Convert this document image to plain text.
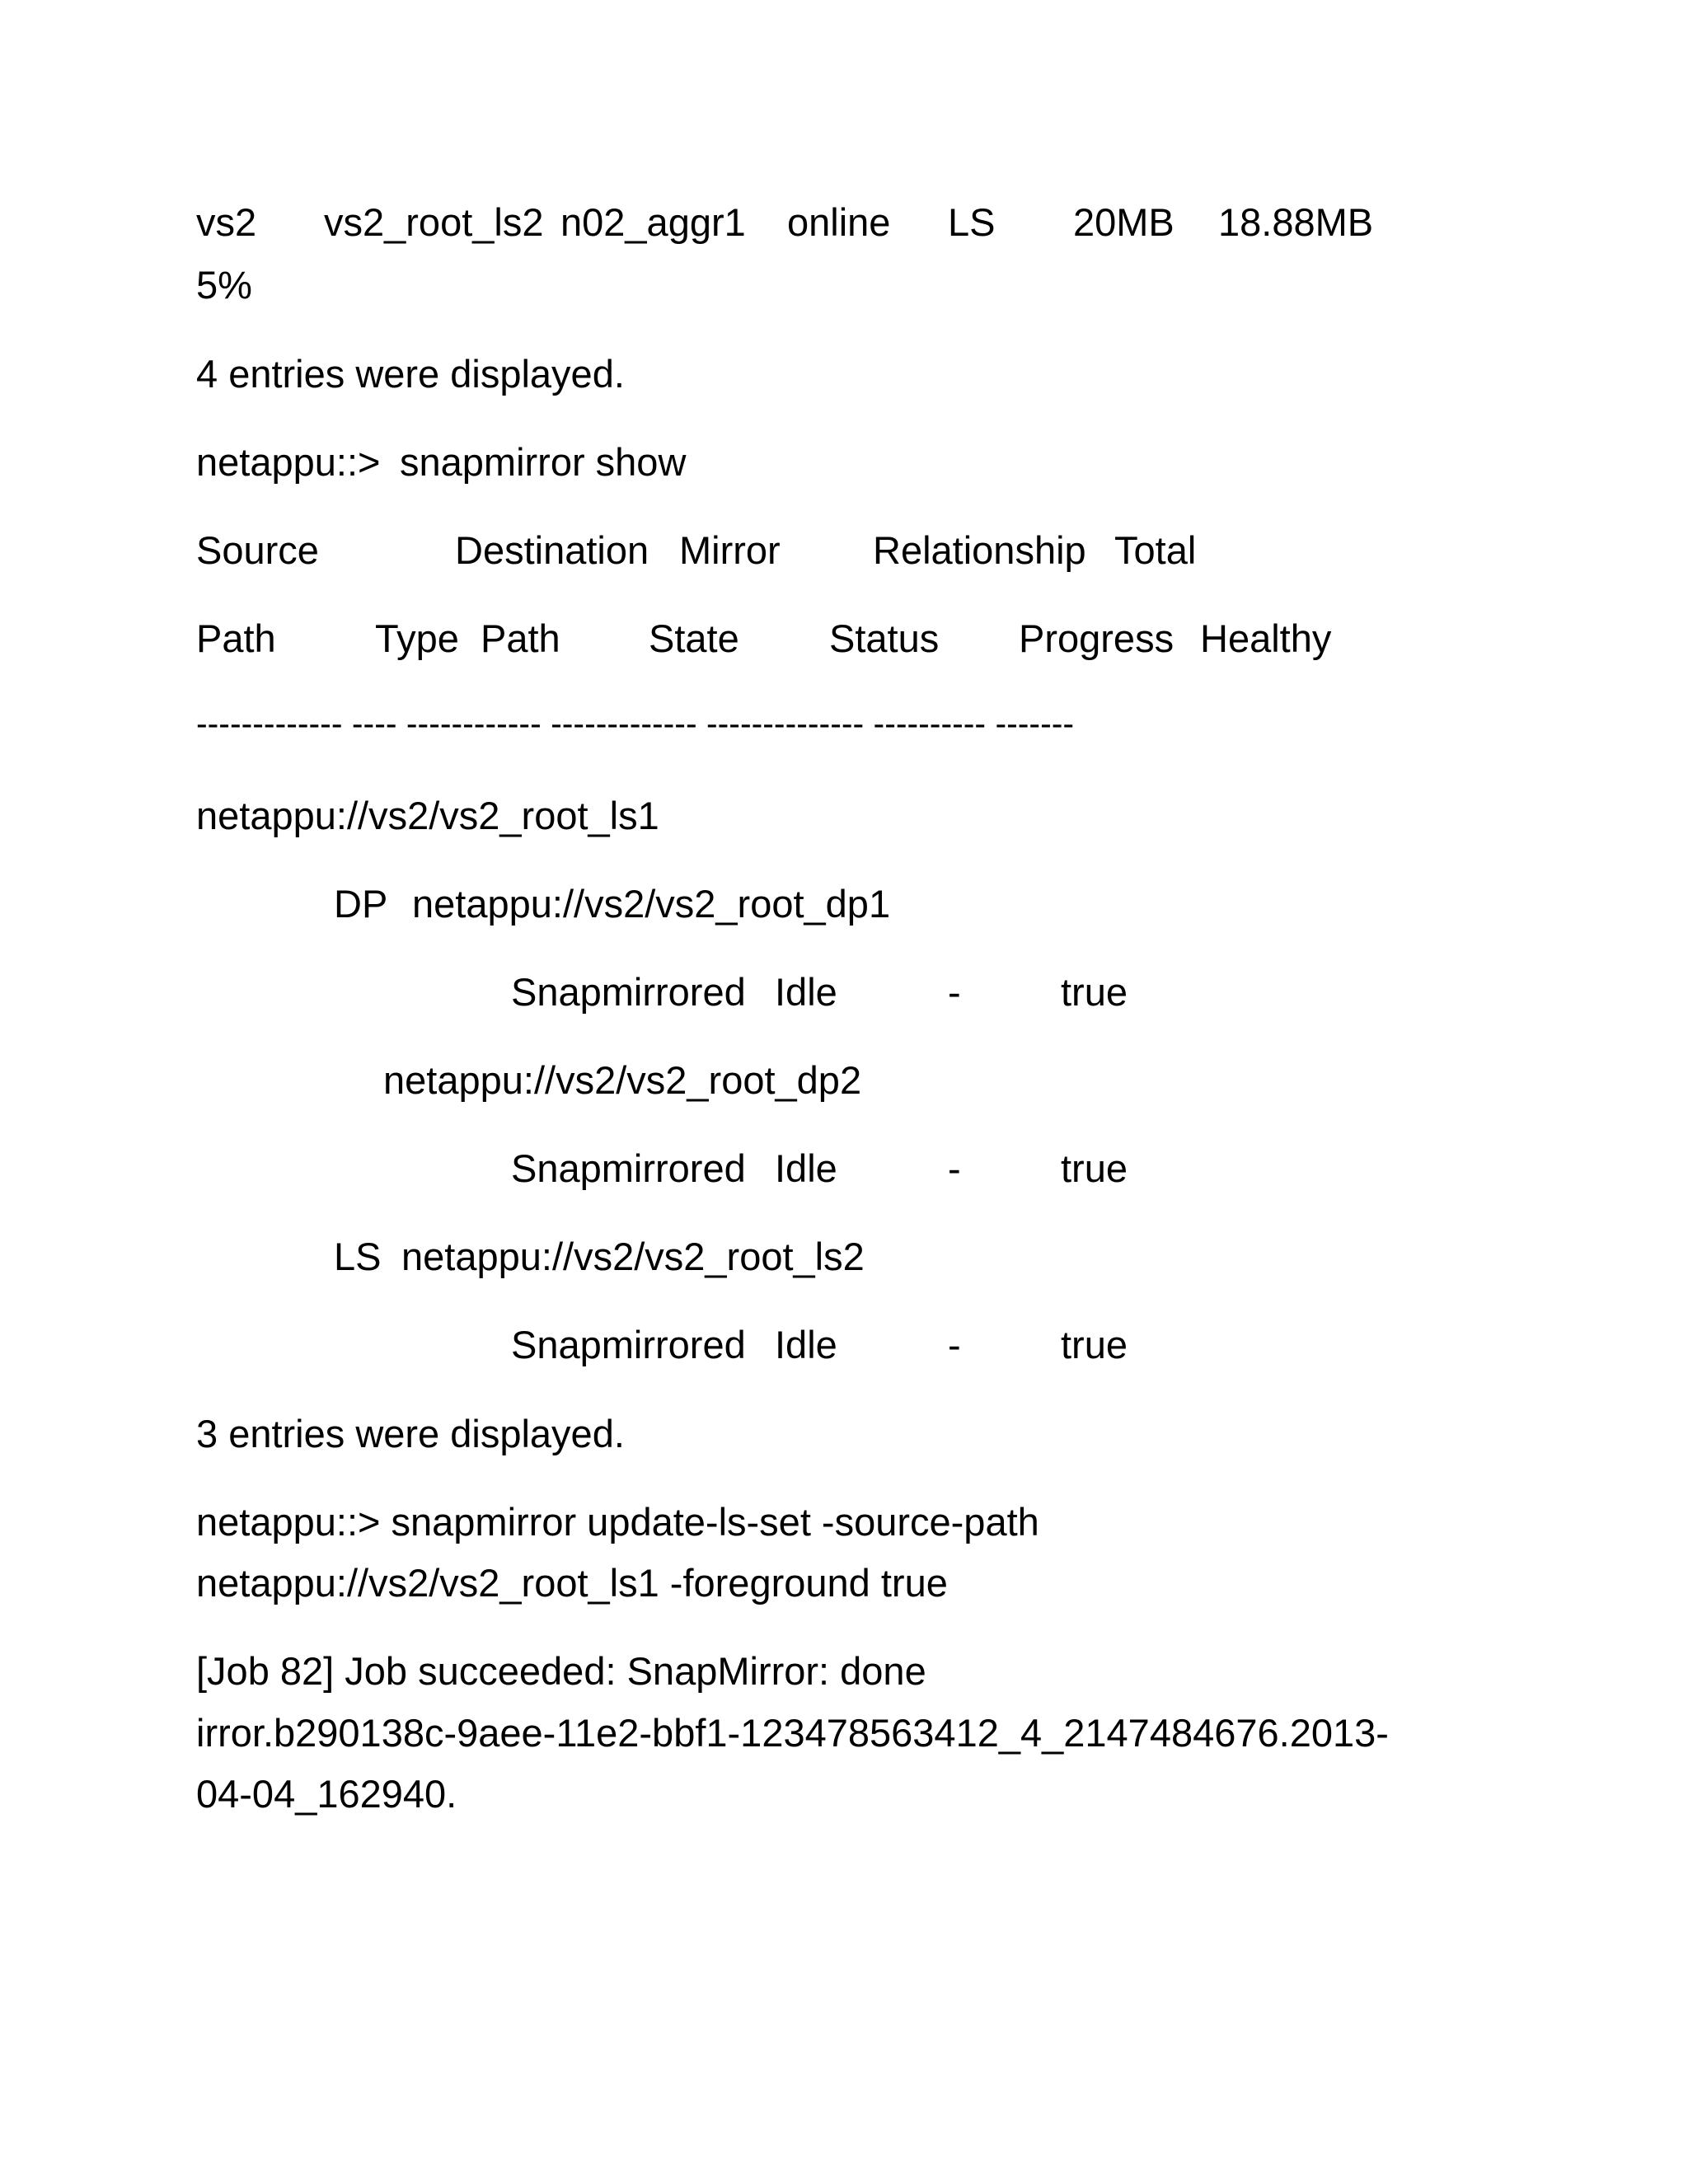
vs2 vs2_root_ls2 n02_aggr1 online LS 20MB 18.88MB
5%
4 entries were displayed.
netappu::> snapmirror show
Source	Destination Mirror Relationship Total
Path	Type Path State Status Progress Healthy
------------- ---- ------------ ------------- -------------- ---------- -------
netappu://vs2/vs2_root_ls1
DP netappu://vs2/vs2_root_dp1
Snapmirrored Idle	-	true
netappu://vs2/vs2_root_dp2
Snapmirrored Idle	-	true
LS netappu://vs2/vs2_root_ls2
Snapmirrored Idle	-	true
3 entries were displayed.
netappu::> snapmirror update-ls-set -source-path
netappu://vs2/vs2_root_ls1 -foreground true
[Job 82] Job succeeded: SnapMirror: done
irror.b290138c-9aee-11e2-bbf1-123478563412_4_2147484676.2013-
04-04_162940.
